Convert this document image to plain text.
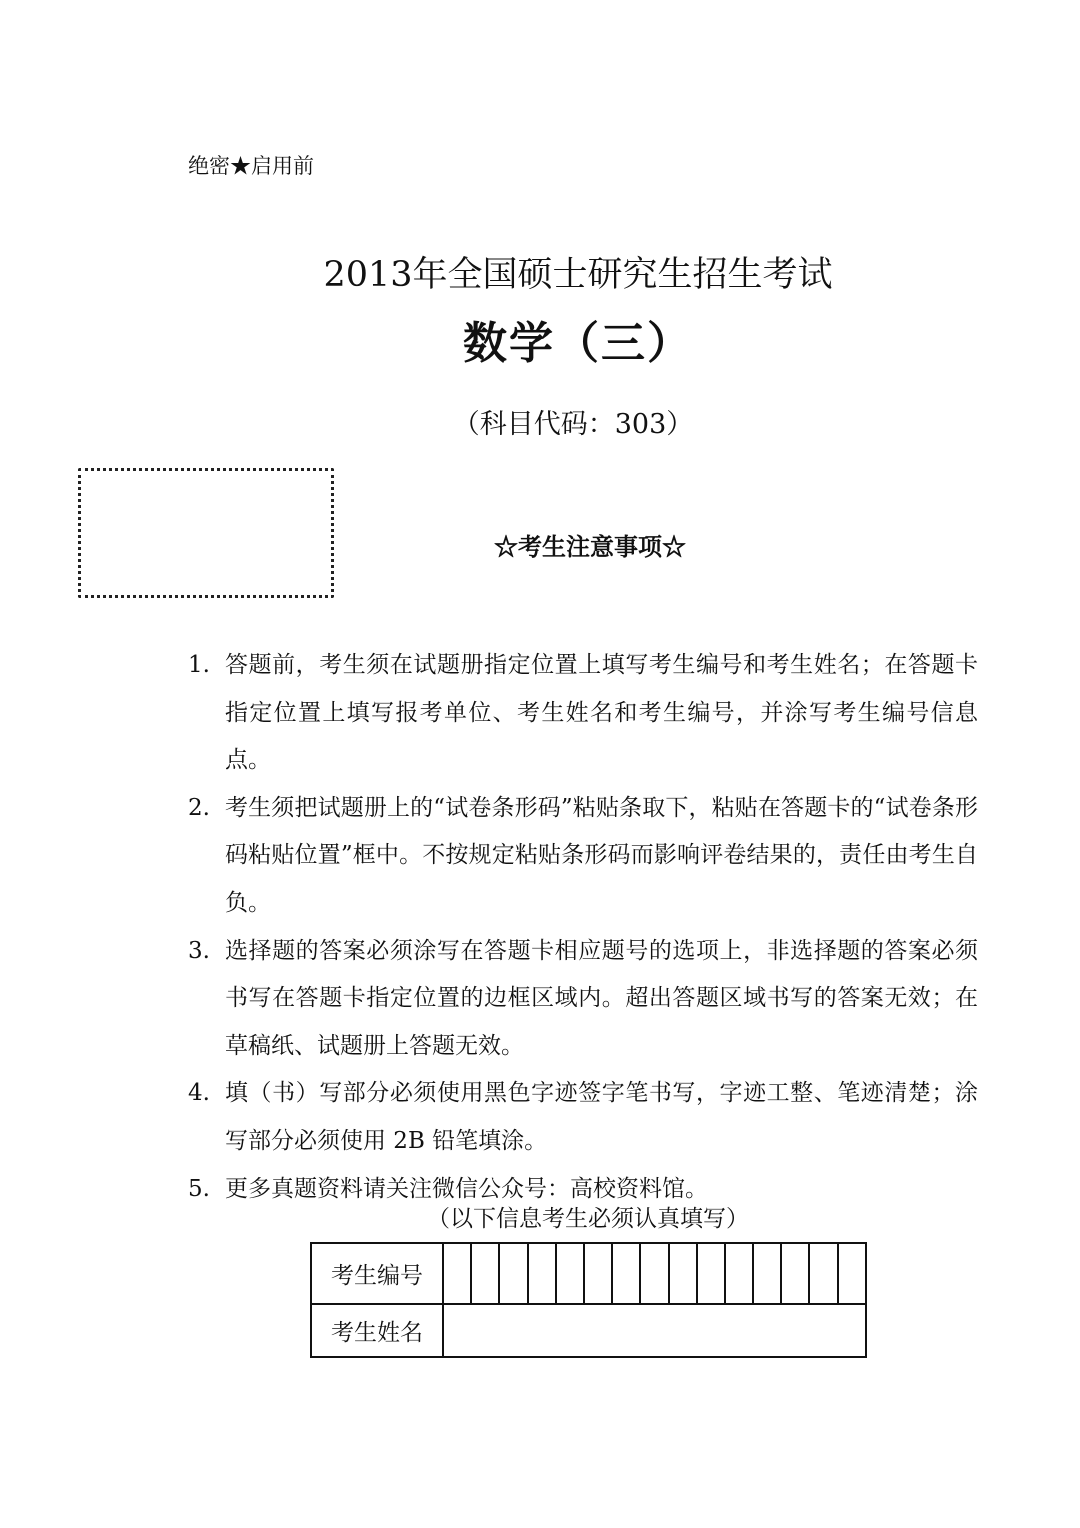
绝密★启用前
2013年全国硕士研究生招生考试
数学（三）
（科目代码：303）
☆考生注意事项☆
1. 答题前，考生须在试题册指定位置上填写考生编号和考生姓名；在答题卡指定位置上填写报考单位、考生姓名和考生编号，并涂写考生编号信息点。
2. 考生须把试题册上的“试卷条形码”粘贴条取下，粘贴在答题卡的“试卷条形码粘贴位置”框中。不按规定粘贴条形码而影响评卷结果的，责任由考生自负。
3. 选择题的答案必须涂写在答题卡相应题号的选项上，非选择题的答案必须书写在答题卡指定位置的边框区域内。超出答题区域书写的答案无效；在草稿纸、试题册上答题无效。
4. 填（书）写部分必须使用黑色字迹签字笔书写，字迹工整、笔迹清楚；涂写部分必须使用 2B 铅笔填涂。
5. 更多真题资料请关注微信公众号：高校资料馆。
（以下信息考生必须认真填写）
考生编号															
考生姓名															
